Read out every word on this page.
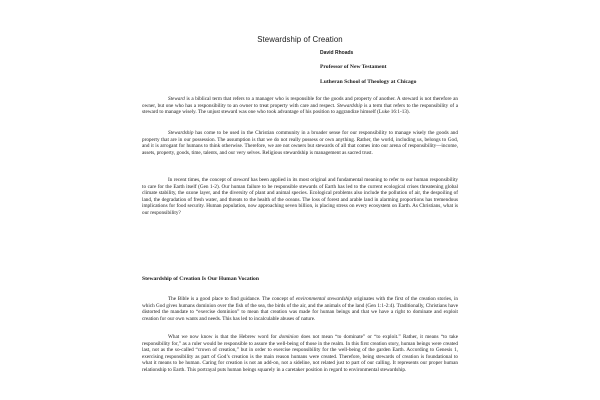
Stewardship of Creation
David Rhoads
Professor of New Testament
Lutheran School of Theology at Chicago

Steward is a biblical term that refers to a manager who is responsible for the goods and property of another. A steward is not therefore an owner, but one who has a responsibility to an owner to treat property with care and respect. Stewardship is a term that refers to the responsibility of a steward to manage wisely. The unjust steward was one who took advantage of his position to aggrandize himself (Luke 16:1-13).

Stewardship has come to be used in the Christian community in a broader sense for our responsibility to manage wisely the goods and property that are in our possession. The assumption is that we do not really possess or own anything. Rather, the world, including us, belongs to God, and it is arrogant for humans to think otherwise. Therefore, we are not owners but stewards of all that comes into our arena of responsibility—income, assets, property, goods, time, talents, and our very selves. Religious stewardship is management as sacred trust.

In recent times, the concept of steward has been applied in its most original and fundamental meaning to refer to our human responsibility to care for the Earth itself (Gen 1-2). Our human failure to be responsible stewards of Earth has led to the current ecological crises threatening global climate stability, the ozone layer, and the diversity of plant and animal species. Ecological problems also include the pollution of air, the despoiling of land, the degradation of fresh water, and threats to the health of the oceans. The loss of forest and arable land in alarming proportions has tremendous implications for food security. Human population, now approaching seven billion, is placing stress on every ecosystem on Earth. As Christians, what is our responsibility?

Stewardship of Creation Is Our Human Vocation

The Bible is a good place to find guidance. The concept of environmental stewardship originates with the first of the creation stories, in which God gives humans dominion over the fish of the sea, the birds of the air, and the animals of the land (Gen 1:1-2:4). Traditionally, Christians have distorted the mandate to “exercise dominion” to mean that creation was made for human beings and that we have a right to dominate and exploit creation for our own wants and needs. This has led to incalculable abuses of nature.

What we now know is that the Hebrew word for dominion does not mean “to dominate” or “to exploit.” Rather, it means “to take responsibility for,” as a ruler would be responsible to assure the well-being of those in the realm. In this first creation story, human beings were created last, not as the so-called “crown of creation,” but in order to exercise responsibility for the well-being of the garden Earth. According to Genesis 1, exercising responsibility as part of God’s creation is the main reason humans were created. Therefore, being stewards of creation is foundational to what it means to be human. Caring for creation is not an add-on, not a sideline, not related just to part of our calling. It represents our proper human relationship to Earth. This portrayal puts human beings squarely in a caretaker position in regard to environmental stewardship.
